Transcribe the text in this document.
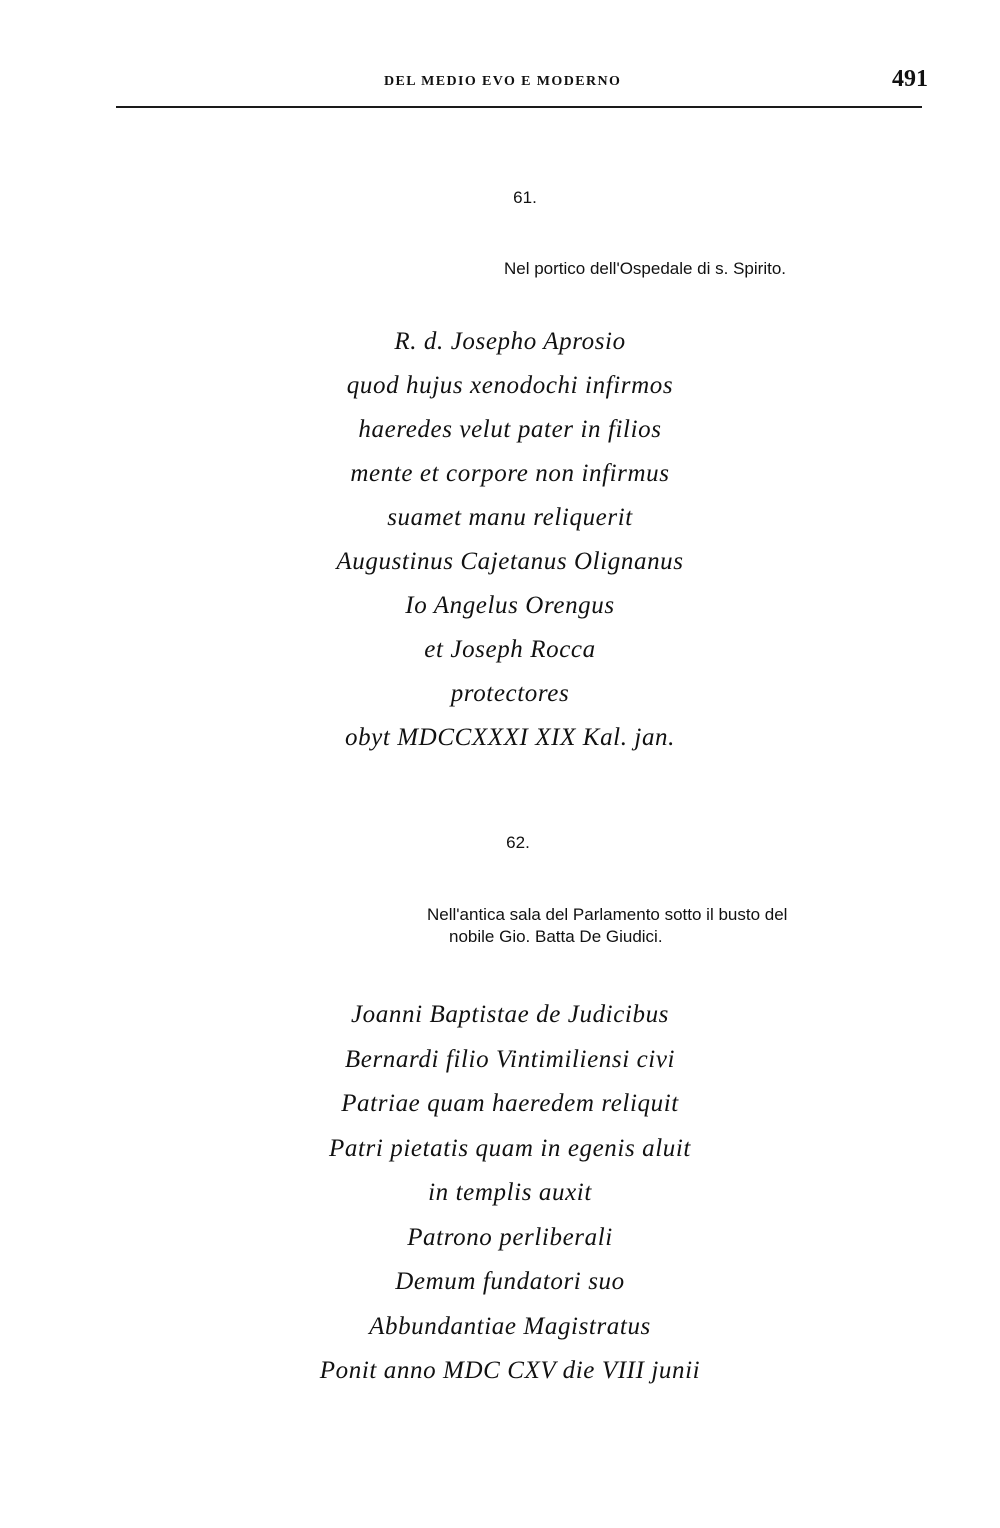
DEL MEDIO EVO E MODERNO	491
61.
Nel portico dell'Ospedale di s. Spirito.
R. d. Josepho Aprosio
quod hujus xenodochi infirmos
haeredes velut pater in filios
mente et corpore non infirmus
suamet manu reliquerit
Augustinus Cajetanus Olignanus
Io Angelus Orengus
et Joseph Rocca
protectores
obyt MDCCXXXI XIX Kal. jan.
62.
Nell'antica sala del Parlamento sotto il busto del
nobile Gio. Batta De Giudici.
Joanni Baptistae de Judicibus
Bernardi filio Vintimiliensi civi
Patriae quam haeredem reliquit
Patri pietatis quam in egenis aluit
in templis auxit
Patrono perliberali
Demum fundatori suo
Abbundantiae Magistratus
Ponit anno MDC CXV die VIII junii
